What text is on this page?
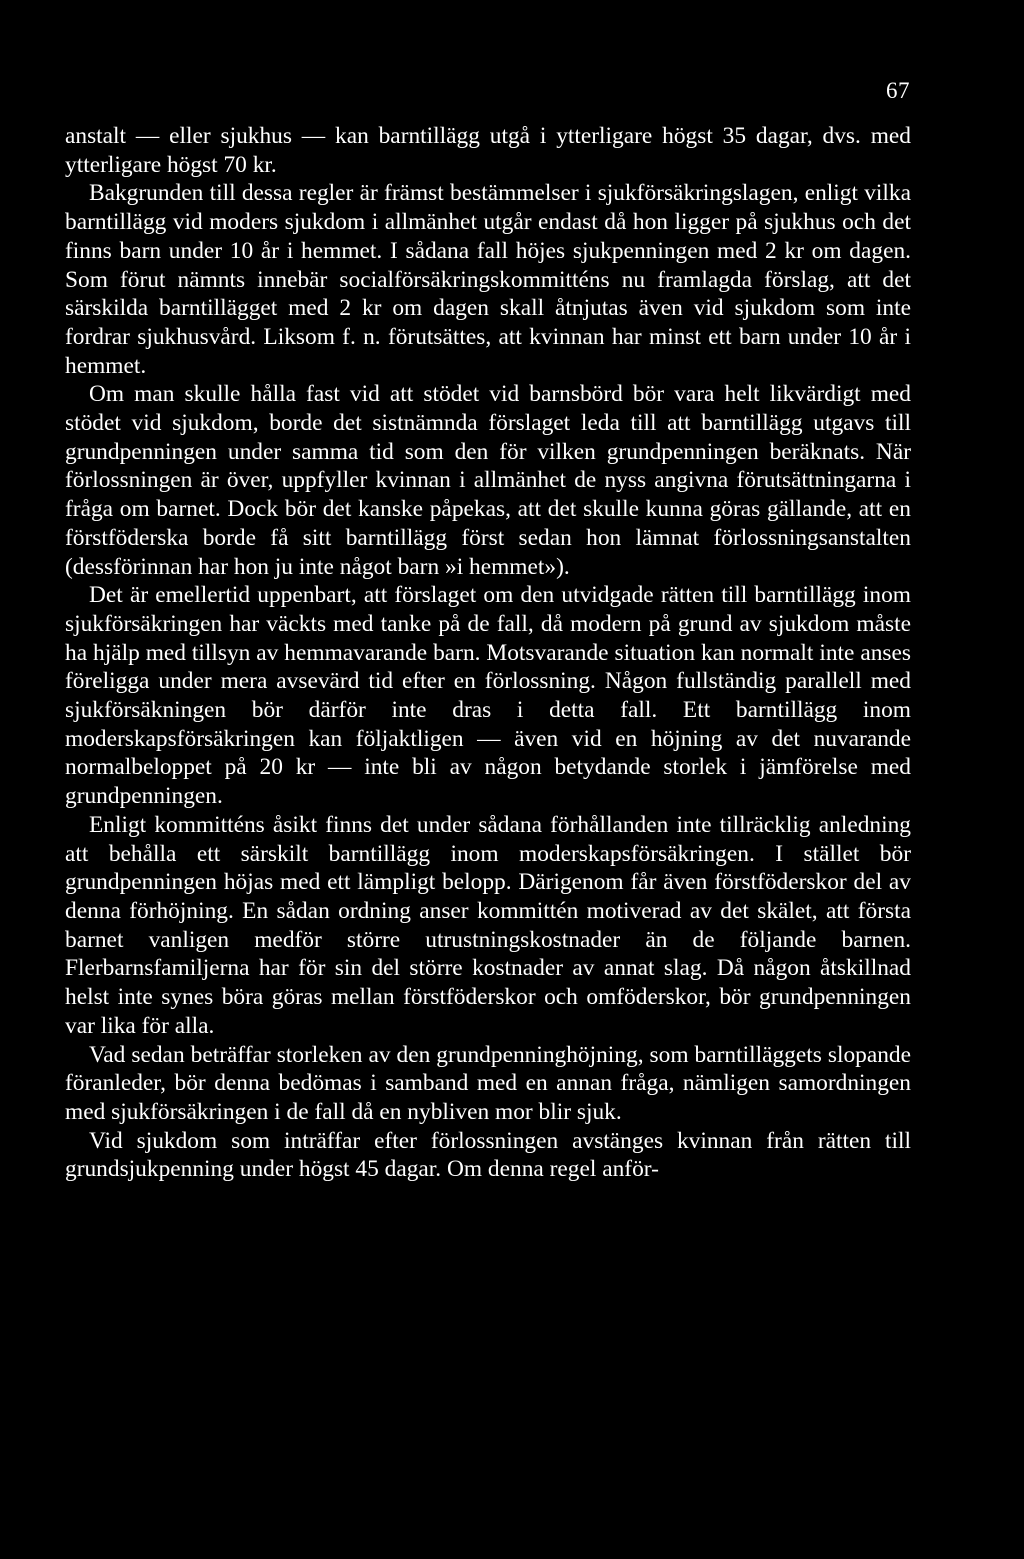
67

anstalt — eller sjukhus — kan barntillägg utgå i ytterligare högst 35 dagar, dvs. med ytterligare högst 70 kr.

Bakgrunden till dessa regler är främst bestämmelser i sjukförsäkringslagen, enligt vilka barntillägg vid moders sjukdom i allmänhet utgår endast då hon ligger på sjukhus och det finns barn under 10 år i hemmet. I sådana fall höjes sjukpenningen med 2 kr om dagen. Som förut nämnts innebär socialförsäkringskommitténs nu framlagda förslag, att det särskilda barntillägget med 2 kr om dagen skall åtnjutas även vid sjukdom som inte fordrar sjukhusvård. Liksom f. n. förutsättes, att kvinnan har minst ett barn under 10 år i hemmet.

Om man skulle hålla fast vid att stödet vid barnsbörd bör vara helt likvärdigt med stödet vid sjukdom, borde det sistnämnda förslaget leda till att barntillägg utgavs till grundpenningen under samma tid som den för vilken grundpenningen beräknats. När förlossningen är över, uppfyller kvinnan i allmänhet de nyss angivna förutsättningarna i fråga om barnet. Dock bör det kanske påpekas, att det skulle kunna göras gällande, att en förstföderska borde få sitt barntillägg först sedan hon lämnat förlossningsanstalten (dessförinnan har hon ju inte något barn »i hemmet»).

Det är emellertid uppenbart, att förslaget om den utvidgade rätten till barntillägg inom sjukförsäkringen har väckts med tanke på de fall, då modern på grund av sjukdom måste ha hjälp med tillsyn av hemmavarande barn. Motsvarande situation kan normalt inte anses föreligga under mera avsevärd tid efter en förlossning. Någon fullständig parallell med sjukförsäkningen bör därför inte dras i detta fall. Ett barntillägg inom moderskapsförsäkringen kan följaktligen — även vid en höjning av det nuvarande normalbeloppet på 20 kr — inte bli av någon betydande storlek i jämförelse med grundpenningen.

Enligt kommitténs åsikt finns det under sådana förhållanden inte tillräcklig anledning att behålla ett särskilt barntillägg inom moderskapsförsäkringen. I stället bör grundpenningen höjas med ett lämpligt belopp. Därigenom får även förstföderskor del av denna förhöjning. En sådan ordning anser kommittén motiverad av det skälet, att första barnet vanligen medför större utrustningskostnader än de följande barnen. Flerbarnsfamiljerna har för sin del större kostnader av annat slag. Då någon åtskillnad helst inte synes böra göras mellan förstföderskor och omföderskor, bör grundpenningen var lika för alla.

Vad sedan beträffar storleken av den grundpenninghöjning, som barntilläggets slopande föranleder, bör denna bedömas i samband med en annan fråga, nämligen samordningen med sjukförsäkringen i de fall då en nybliven mor blir sjuk.

Vid sjukdom som inträffar efter förlossningen avstänges kvinnan från rätten till grundsjukpenning under högst 45 dagar. Om denna regel anför-
